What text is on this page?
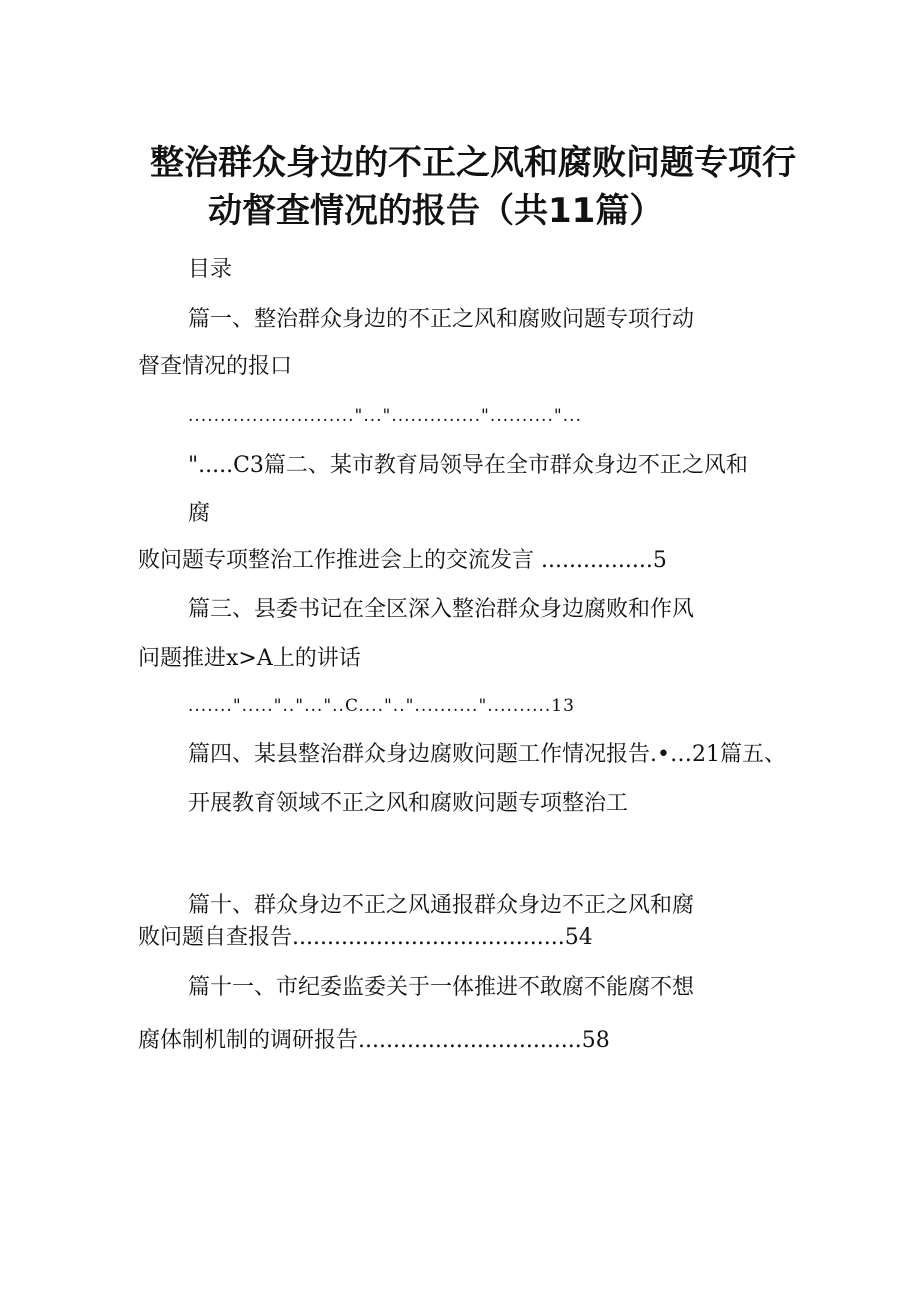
整治群众身边的不正之风和腐败问题专项行
动督查情况的报告（共11篇）
目录
篇一、整治群众身边的不正之风和腐败问题专项行动
督查情况的报口
.........................."..."..............".........."...
".....C3篇二、某市教育局领导在全市群众身边不正之风和
腐
败问题专项整治工作推进会上的交流发言 ................5
篇三、县委书记在全区深入整治群众身边腐败和作风
问题推进x>A上的讲话
.......".....".."..."..C...."..".........."..........13
篇四、某县整治群众身边腐败问题工作情况报告.•…21篇五、
开展教育领域不正之风和腐败问题专项整治工
篇十、群众身边不正之风通报群众身边不正之风和腐
败问题自查报告.......................................54
篇十一、市纪委监委关于一体推进不敢腐不能腐不想
腐体制机制的调研报告................................58
